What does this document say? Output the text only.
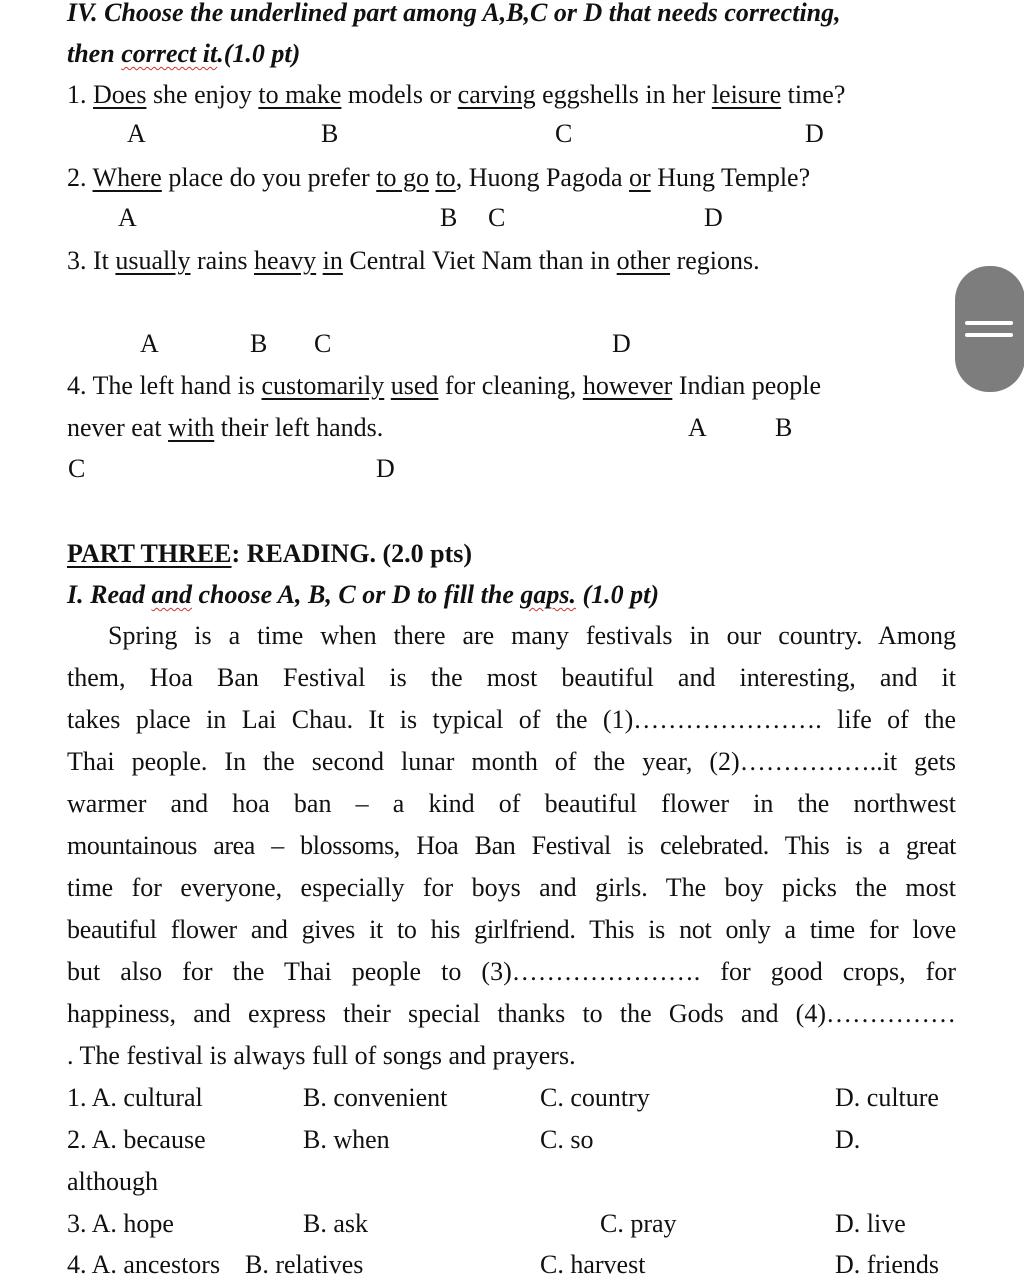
IV. Choose the underlined part among A,B,C or D that needs correcting,
then correct it.(1.0 pt)
1. Does she enjoy to make models or carving eggshells in her leisure time?
A	B	C	D
2. Where place do you prefer to go to, Huong Pagoda or Hung Temple?
A	B C	D
3. It usually rains heavy in Central Viet Nam than in other regions.
A	B C	D
4. The left hand is customarily used for cleaning, however Indian people
never eat with their left hands.	A	B
C	D
PART THREE: READING. (2.0 pts)
I. Read and choose A, B, C or D to fill the gaps. (1.0 pt)
Spring is a time when there are many festivals in our country. Among
them, Hoa Ban Festival is the most beautiful and interesting, and it
takes place in Lai Chau. It is typical of the (1)…………………. life of the
Thai people. In the second lunar month of the year, (2)……………..it gets
warmer and hoa ban – a kind of beautiful flower in the northwest
mountainous area – blossoms, Hoa Ban Festival is celebrated. This is a great
time for everyone, especially for boys and girls. The boy picks the most
beautiful flower and gives it to his girlfriend. This is not only a time for love
but also for the Thai people to (3)…………………. for good crops, for
happiness, and express their special thanks to the Gods and (4)……………
. The festival is always full of songs and prayers.
1. A. cultural	B. convenient	C. country	D. culture
2. A. because	B. when	C. so	D.
although
3. A. hope	B. ask	C. pray	D. live
4. A. ancestors B. relatives	C. harvest	D. friends
